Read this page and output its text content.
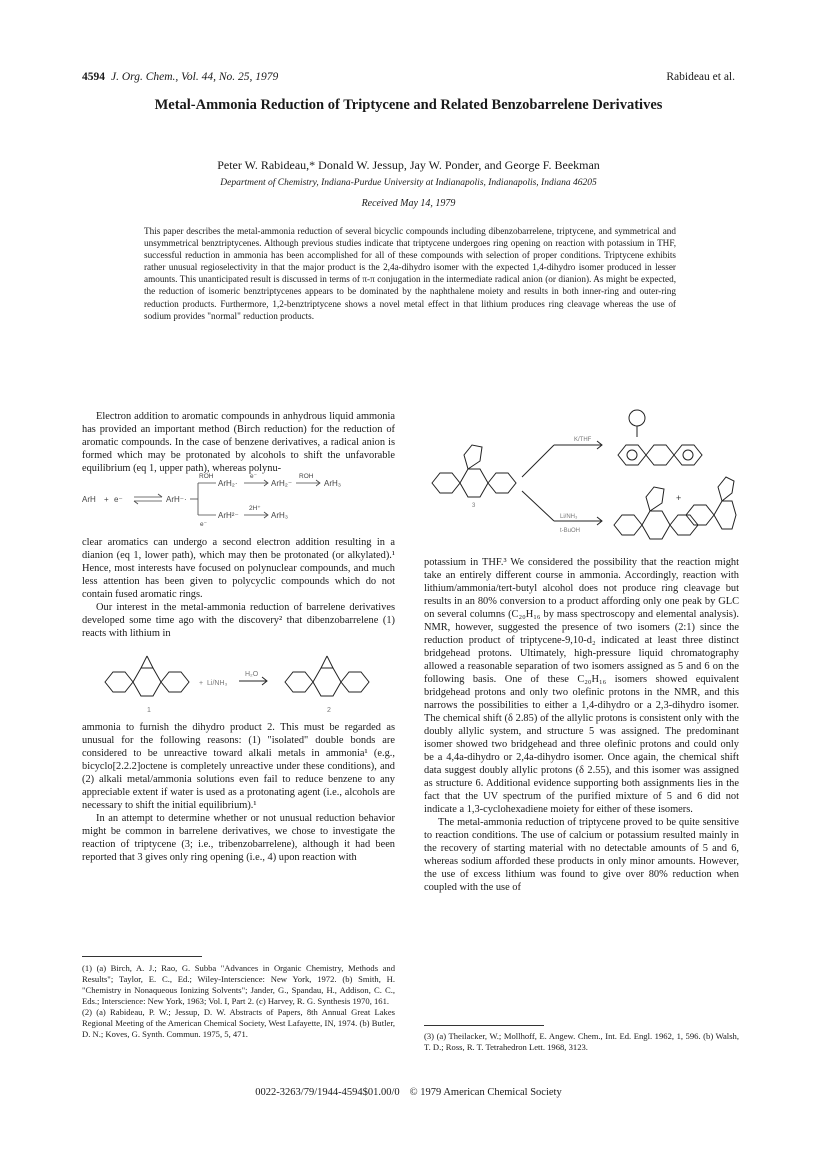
4594 J. Org. Chem., Vol. 44, No. 25, 1979	Rabideau et al.
Metal-Ammonia Reduction of Triptycene and Related Benzobarrelene Derivatives
Peter W. Rabideau,* Donald W. Jessup, Jay W. Ponder, and George F. Beekman
Department of Chemistry, Indiana-Purdue University at Indianapolis, Indianapolis, Indiana 46205
Received May 14, 1979
This paper describes the metal-ammonia reduction of several bicyclic compounds including dibenzobarrelene, triptycene, and symmetrical and unsymmetrical benztriptycenes. Although previous studies indicate that triptycene undergoes ring opening on reaction with potassium in THF, successful reduction in ammonia has been accomplished for all of these compounds with selection of proper conditions. Triptycene exhibits rather unusual regioselectivity in that the major product is the 2,4a-dihydro isomer with the expected 1,4-dihydro isomer produced in lesser amounts. This unanticipated result is discussed in terms of π-π conjugation in the intermediate radical anion (or dianion). As might be expected, the reduction of isomeric benztriptycenes appears to be dominated by the naphthalene moiety and results in both inner-ring and outer-ring reduction products. Furthermore, 1,2-benztriptycene shows a novel metal effect in that lithium produces ring cleavage whereas the use of sodium provides "normal" reduction products.

Electron addition to aromatic compounds in anhydrous liquid ammonia has provided an important method (Birch reduction) for the reduction of aromatic compounds. In the case of benzene derivatives, a radical anion is formed which may be protonated by alcohols to shift the unfavorable equilibrium (eq 1, upper path), whereas polynu-

ArH + e⁻	ArH⁻·
ROH
ArH₂·
e⁻
ArH₂⁻
ROH
ArH₃
e⁻
ArH²⁻
2H⁺
ArH₃

clear aromatics can undergo a second electron addition resulting in a dianion (eq 1, lower path), which may then be protonated (or alkylated).¹ Hence, most interests have focused on polynuclear compounds, and much less attention has been given to polycyclic compounds which do not contain fused aromatic rings.

Our interest in the metal-ammonia reduction of barrelene derivatives developed some time ago with the discovery² that dibenzobarrelene (1) reacts with lithium in

+ Li/NH₃
H₂O
1	2

ammonia to furnish the dihydro product 2. This must be regarded as unusual for the following reasons: (1) "isolated" double bonds are considered to be unreactive toward alkali metals in ammonia¹ (e.g., bicyclo[2.2.2]octene is completely unreactive under these conditions), and (2) alkali metal/ammonia solutions even fail to reduce benzene to any appreciable extent if water is used as a protonating agent (i.e., alcohols are necessary to shift the initial equilibrium).¹

In an attempt to determine whether or not unusual reduction behavior might be common in barrelene derivatives, we chose to investigate the reaction of triptycene (3; i.e., tribenzobarrelene), although it had been reported that 3 gives only ring opening (i.e., 4) upon reaction with

(1) (a) Birch, A. J.; Rao, G. Subba "Advances in Organic Chemistry, Methods and Results"; Taylor, E. C., Ed.; Wiley-Interscience: New York, 1972. (b) Smith, H. "Chemistry in Nonaqueous Ionizing Solvents"; Jander, G., Spandau, H., Addison, C. C., Eds.; Interscience: New York, 1963; Vol. I, Part 2. (c) Harvey, R. G. Synthesis 1970, 161.
(2) (a) Rabideau, P. W.; Jessup, D. W. Abstracts of Papers, 8th Annual Great Lakes Regional Meeting of the American Chemical Society, West Lafayette, IN, 1974. (b) Butler, D. N.; Koves, G. Synth. Commun. 1975, 5, 471.
K/THF
Li/NH₃
t-BuOH
3
+

potassium in THF.³ We considered the possibility that the reaction might take an entirely different course in ammonia. Accordingly, reaction with lithium/ammonia/tert-butyl alcohol does not produce ring cleavage but results in an 80% conversion to a product affording only one peak by GLC on several columns (C₂₀H₁₆ by mass spectroscopy and elemental analysis). NMR, however, suggested the presence of two isomers (2:1) since the reduction product of triptycene-9,10-d₂ indicated at least three distinct bridgehead protons. Ultimately, high-pressure liquid chromatography allowed a reasonable separation of two isomers assigned as 5 and 6 on the following basis. One of these C₂₀H₁₆ isomers showed equivalent bridgehead protons and only two olefinic protons in the NMR, and this narrows the possibilities to either a 1,4-dihydro or a 2,3-dihydro isomer. The chemical shift (δ 2.85) of the allylic protons is consistent only with the doubly allylic system, and structure 5 was assigned. The predominant isomer showed two bridgehead and three olefinic protons and could only be a 4,4a-dihydro or 2,4a-dihydro isomer. Once again, the chemical shift data suggest doubly allylic protons (δ 2.55), and this isomer was assigned as structure 6. Additional evidence supporting both assignments lies in the fact that the UV spectrum of the purified mixture of 5 and 6 did not indicate a 1,3-cyclohexadiene moiety for either of these isomers.

The metal-ammonia reduction of triptycene proved to be quite sensitive to reaction conditions. The use of calcium or potassium resulted mainly in the recovery of starting material with no detectable amounts of 5 and 6, whereas sodium afforded these products in only minor amounts. However, the use of excess lithium was found to give over 80% reduction when coupled with the use of

(3) (a) Theilacker, W.; Mollhoff, E. Angew. Chem., Int. Ed. Engl. 1962, 1, 596. (b) Walsh, T. D.; Ross, R. T. Tetrahedron Lett. 1968, 3123.
0022-3263/79/1944-4594$01.00/0 © 1979 American Chemical Society
